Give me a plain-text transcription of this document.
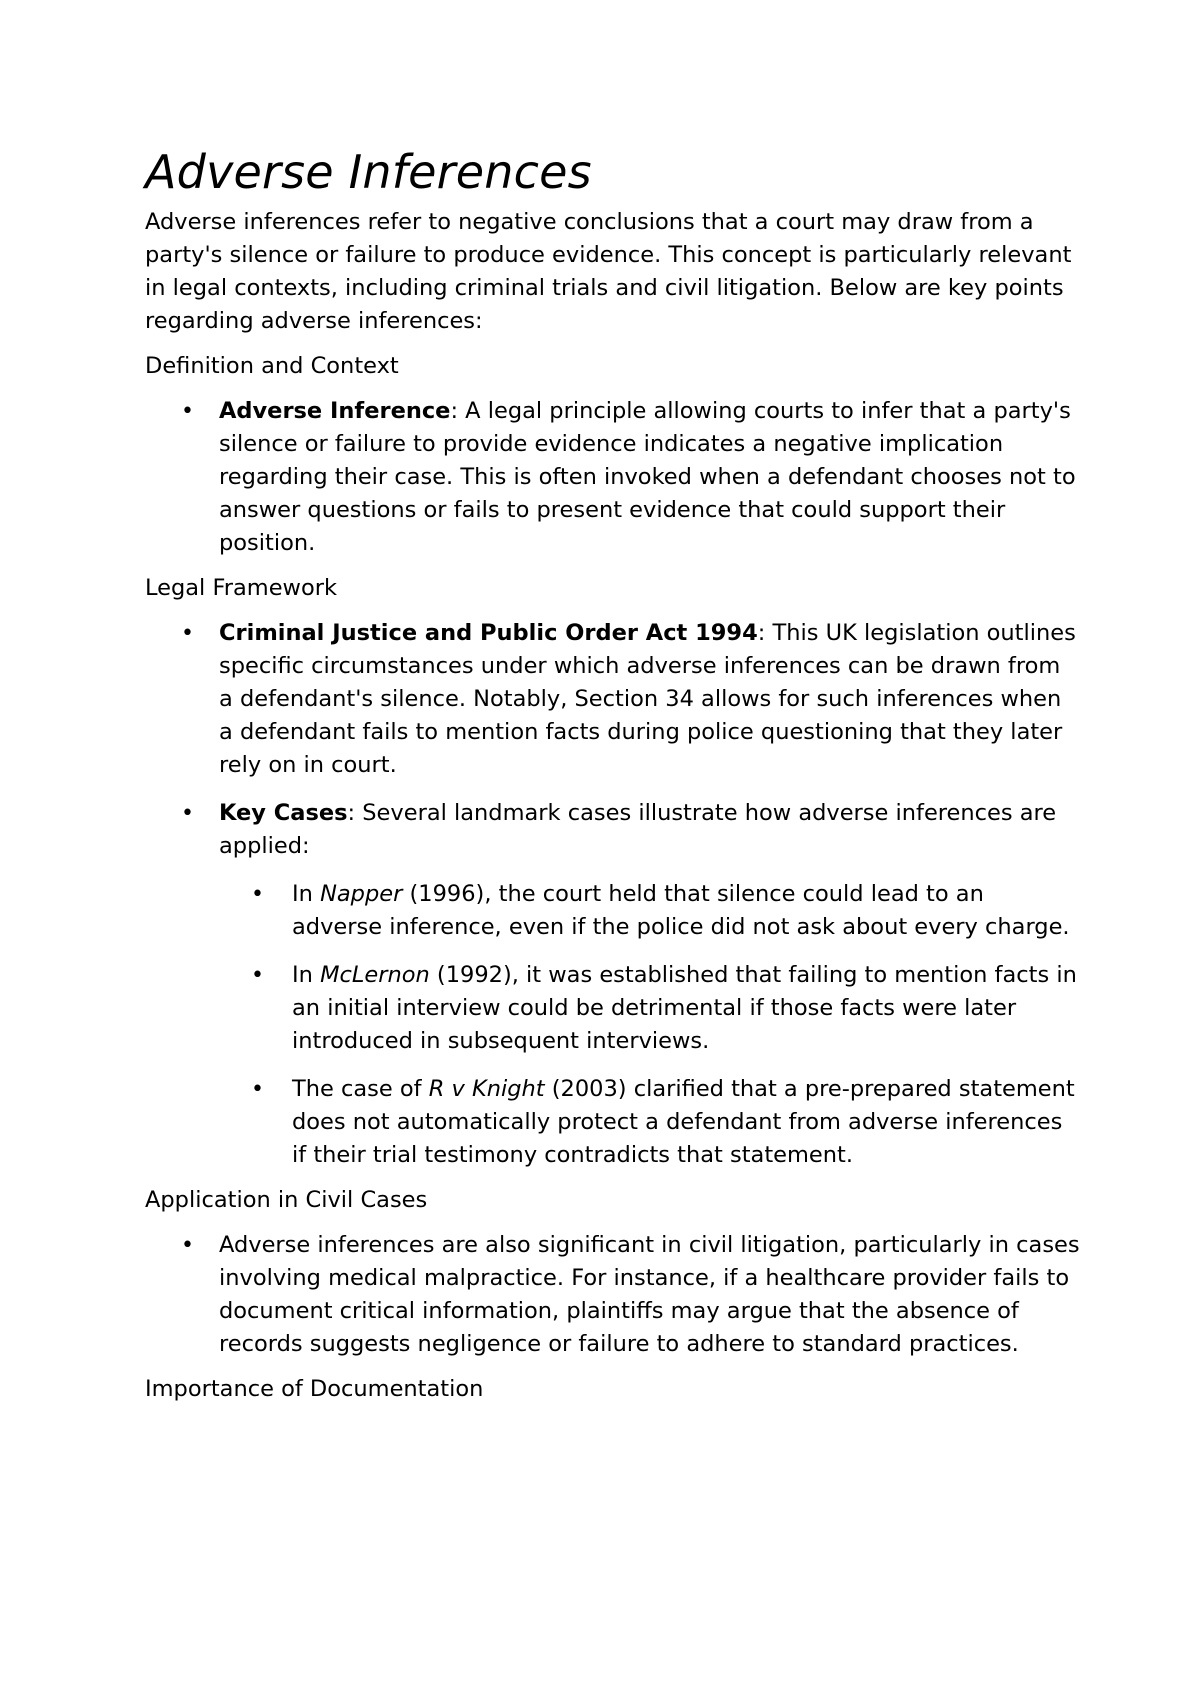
Adverse Inferences

Adverse inferences refer to negative conclusions that a court may draw from a party's silence or failure to produce evidence. This concept is particularly relevant in legal contexts, including criminal trials and civil litigation. Below are key points regarding adverse inferences:

Definition and Context

• Adverse Inference: A legal principle allowing courts to infer that a party's silence or failure to provide evidence indicates a negative implication regarding their case. This is often invoked when a defendant chooses not to answer questions or fails to present evidence that could support their position.

Legal Framework

• Criminal Justice and Public Order Act 1994: This UK legislation outlines specific circumstances under which adverse inferences can be drawn from a defendant's silence. Notably, Section 34 allows for such inferences when a defendant fails to mention facts during police questioning that they later rely on in court.
• Key Cases: Several landmark cases illustrate how adverse inferences are applied:
• In Napper (1996), the court held that silence could lead to an adverse inference, even if the police did not ask about every charge.
• In McLernon (1992), it was established that failing to mention facts in an initial interview could be detrimental if those facts were later introduced in subsequent interviews.
• The case of R v Knight (2003) clarified that a pre-prepared statement does not automatically protect a defendant from adverse inferences if their trial testimony contradicts that statement.

Application in Civil Cases

• Adverse inferences are also significant in civil litigation, particularly in cases involving medical malpractice. For instance, if a healthcare provider fails to document critical information, plaintiffs may argue that the absence of records suggests negligence or failure to adhere to standard practices.

Importance of Documentation
